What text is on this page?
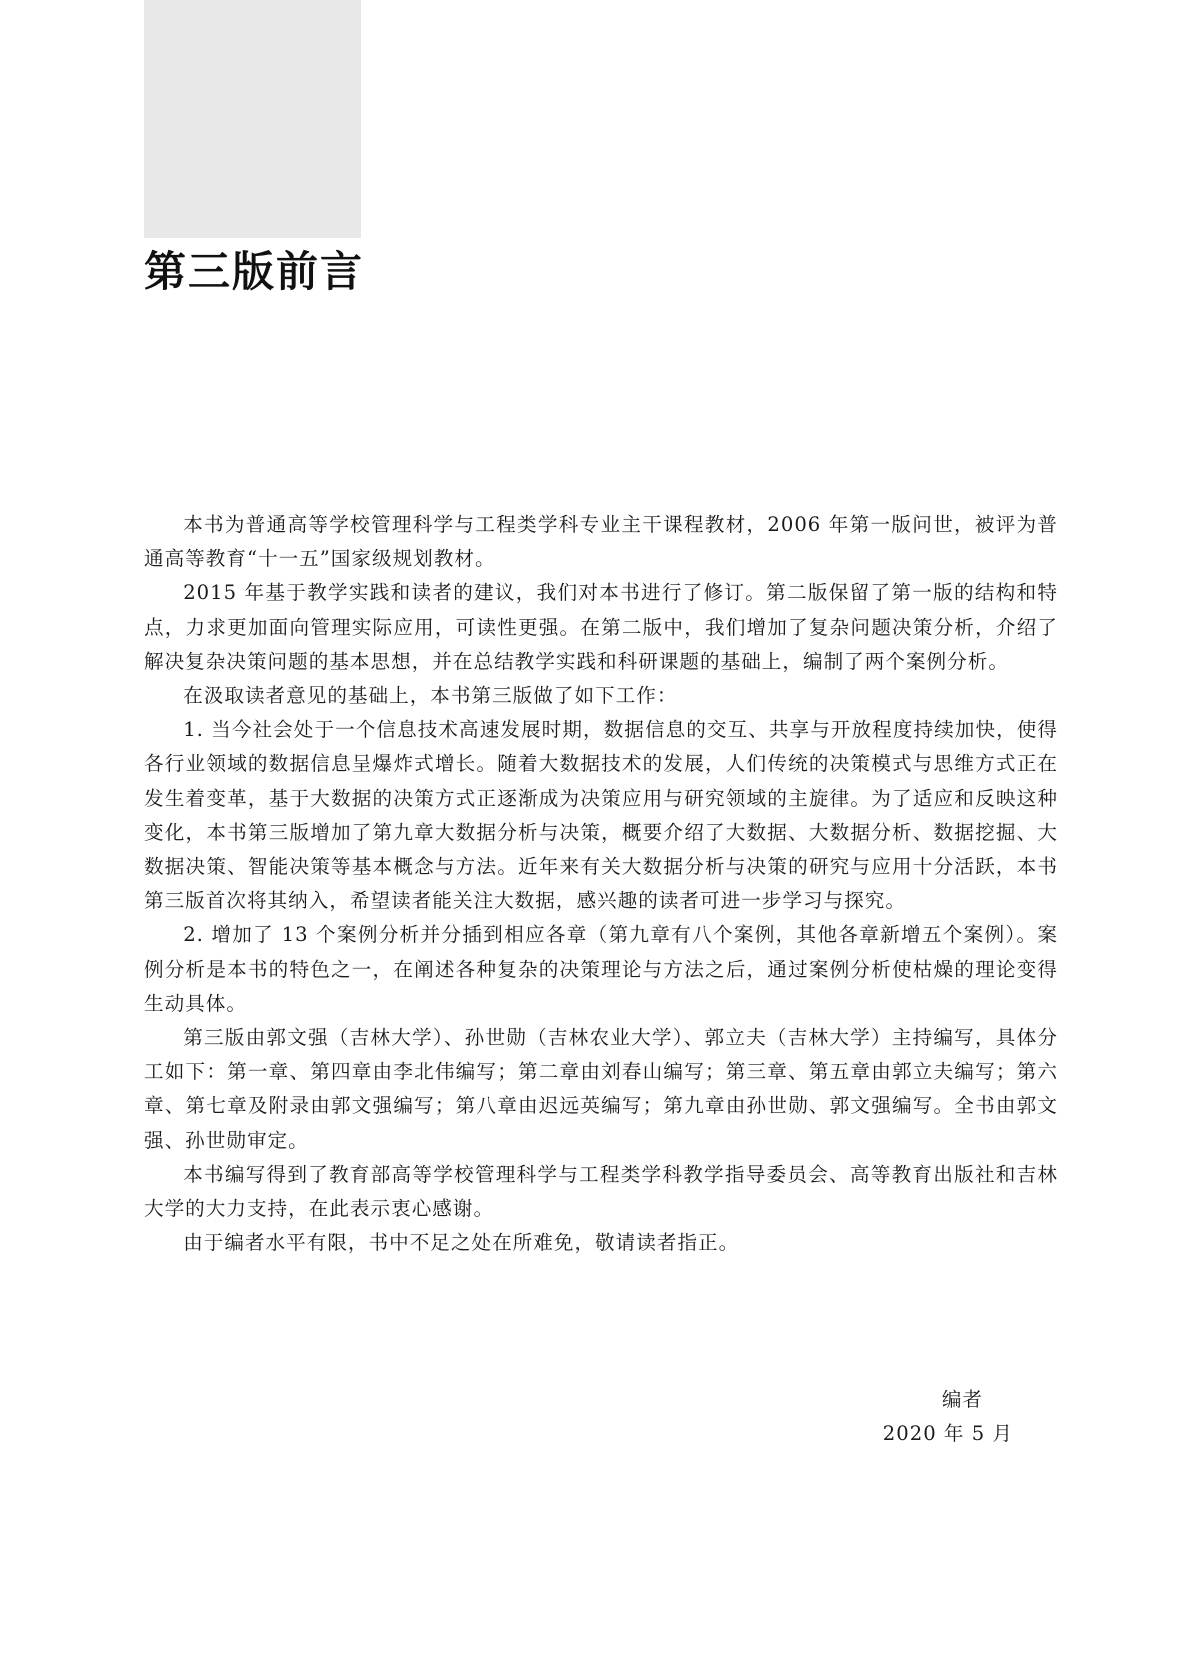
第三版前言

本书为普通高等学校管理科学与工程类学科专业主干课程教材，2006 年第一版问世，被评为普通高等教育“十一五”国家级规划教材。

2015 年基于教学实践和读者的建议，我们对本书进行了修订。第二版保留了第一版的结构和特点，力求更加面向管理实际应用，可读性更强。在第二版中，我们增加了复杂问题决策分析，介绍了解决复杂决策问题的基本思想，并在总结教学实践和科研课题的基础上，编制了两个案例分析。

在汲取读者意见的基础上，本书第三版做了如下工作：

1. 当今社会处于一个信息技术高速发展时期，数据信息的交互、共享与开放程度持续加快，使得各行业领域的数据信息呈爆炸式增长。随着大数据技术的发展，人们传统的决策模式与思维方式正在发生着变革，基于大数据的决策方式正逐渐成为决策应用与研究领域的主旋律。为了适应和反映这种变化，本书第三版增加了第九章大数据分析与决策，概要介绍了大数据、大数据分析、数据挖掘、大数据决策、智能决策等基本概念与方法。近年来有关大数据分析与决策的研究与应用十分活跃，本书第三版首次将其纳入，希望读者能关注大数据，感兴趣的读者可进一步学习与探究。

2. 增加了 13 个案例分析并分插到相应各章（第九章有八个案例，其他各章新增五个案例）。案例分析是本书的特色之一，在阐述各种复杂的决策理论与方法之后，通过案例分析使枯燥的理论变得生动具体。

第三版由郭文强（吉林大学）、孙世勋（吉林农业大学）、郭立夫（吉林大学）主持编写，具体分工如下：第一章、第四章由李北伟编写；第二章由刘春山编写；第三章、第五章由郭立夫编写；第六章、第七章及附录由郭文强编写；第八章由迟远英编写；第九章由孙世勋、郭文强编写。全书由郭文强、孙世勋审定。

本书编写得到了教育部高等学校管理科学与工程类学科教学指导委员会、高等教育出版社和吉林大学的大力支持，在此表示衷心感谢。

由于编者水平有限，书中不足之处在所难免，敬请读者指正。

编者
2020 年 5 月
